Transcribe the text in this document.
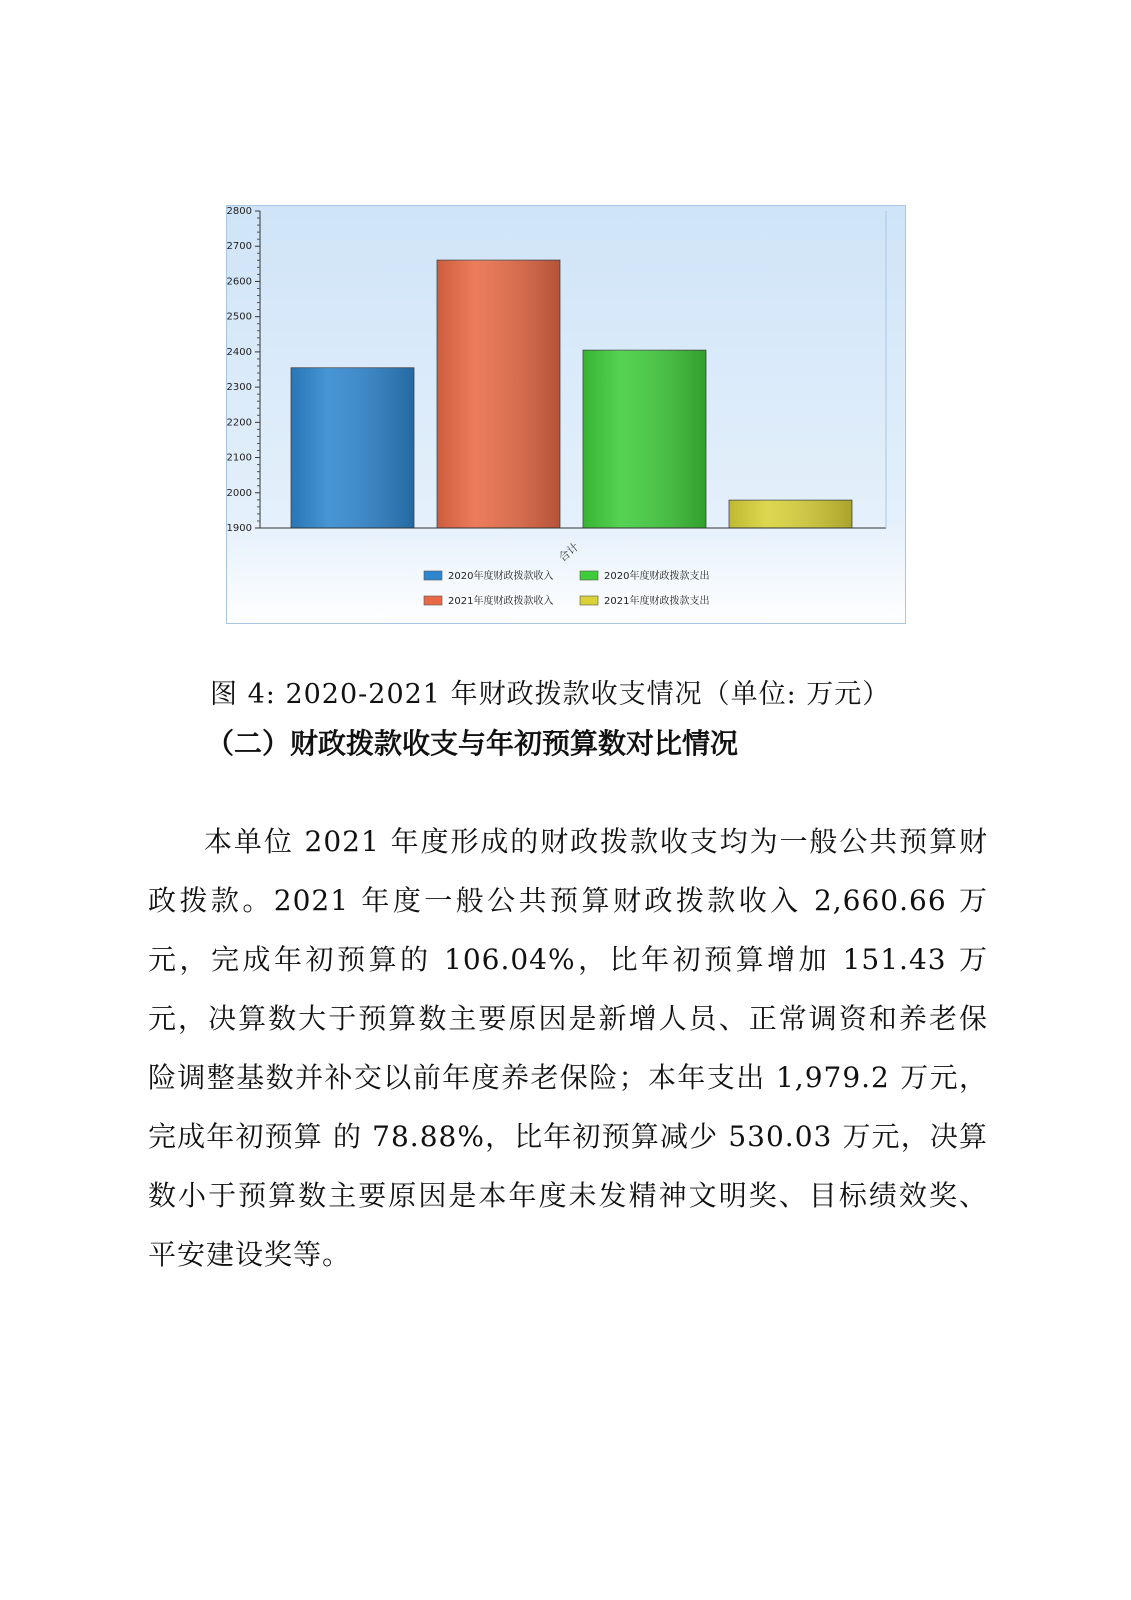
1900
2000
2100
2200
2300
2400
2500
2600
2700
2800
合计
2020年度财政拨款收入
2021年度财政拨款收入
2020年度财政拨款支出
2021年度财政拨款支出
图 4: 2020-2021 年财政拨款收支情况（单位: 万元）
（二）财政拨款收支与年初预算数对比情况
本单位 2021 年度形成的财政拨款收支均为一般公共预算财政拨款。2021 年度一般公共预算财政拨款收入 2,660.66 万元，完成年初预算的 106.04%，比年初预算增加 151.43 万元，决算数大于预算数主要原因是新增人员、正常调资和养老保险调整基数并补交以前年度养老保险；本年支出 1,979.2 万元，完成年初预算 的 78.88%，比年初预算减少 530.03 万元，决算数小于预算数主要原因是本年度未发精神文明奖、目标绩效奖、平安建设奖等。
